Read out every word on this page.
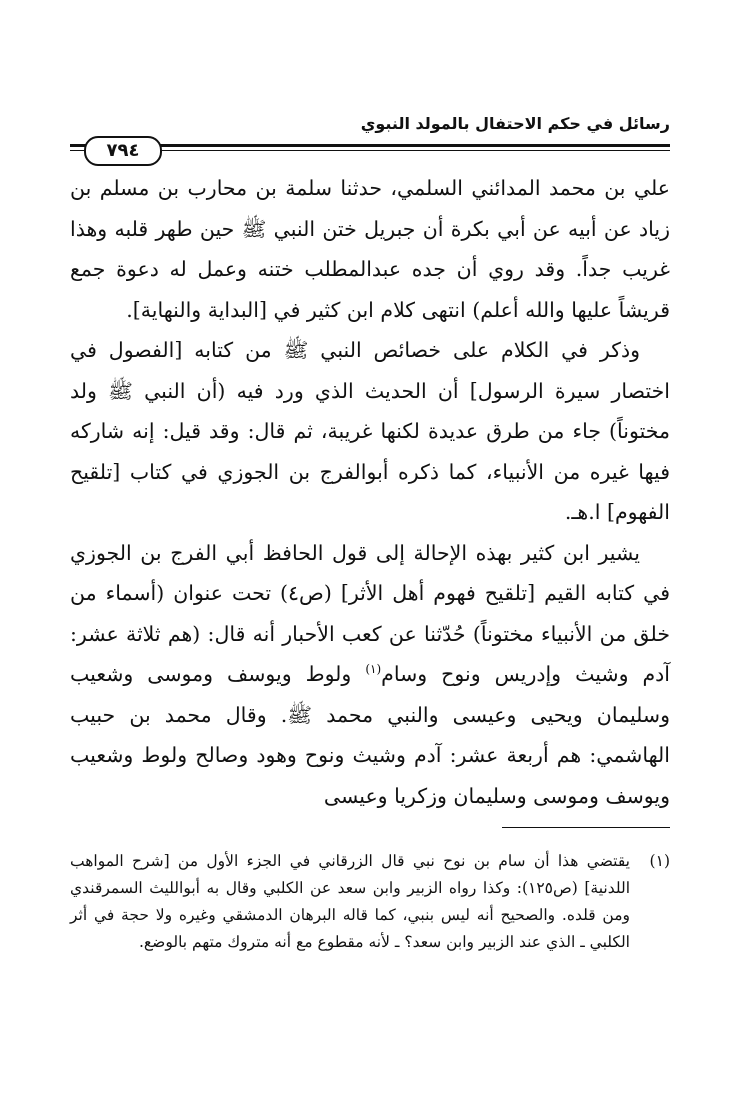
رسائل في حكم الاحتفال بالمولد النبوي
٧٩٤

علي بن محمد المدائني السلمي، حدثنا سلمة بن محارب بن مسلم بن زياد عن أبيه عن أبي بكرة أن جبريل ختن النبي ﷺ حين طهر قلبه وهذا غريب جداً. وقد روي أن جده عبدالمطلب ختنه وعمل له دعوة جمع قريشاً عليها والله أعلم) انتهى كلام ابن كثير في [البداية والنهاية].

وذكر في الكلام على خصائص النبي ﷺ من كتابه [الفصول في اختصار سيرة الرسول] أن الحديث الذي ورد فيه (أن النبي ﷺ ولد مختوناً) جاء من طرق عديدة لكنها غريبة، ثم قال: وقد قيل: إنه شاركه فيها غيره من الأنبياء، كما ذكره أبوالفرج بن الجوزي في كتاب [تلقيح الفهوم] ا.هـ.

يشير ابن كثير بهذه الإحالة إلى قول الحافظ أبي الفرج بن الجوزي في كتابه القيم [تلقيح فهوم أهل الأثر] (ص٤) تحت عنوان (أسماء من خلق من الأنبياء مختوناً) حُدّثنا عن كعب الأحبار أنه قال: (هم ثلاثة عشر: آدم وشيث وإدريس ونوح وسام$^{(١)}$ ولوط ويوسف وموسى وشعيب وسليمان ويحيى وعيسى والنبي محمد ﷺ. وقال محمد بن حبيب الهاشمي: هم أربعة عشر: آدم وشيث ونوح وهود وصالح ولوط وشعيب ويوسف وموسى وسليمان وزكريا وعيسى

(١)
يقتضي هذا أن سام بن نوح نبي قال الزرقاني في الجزء الأول من [شرح المواهب اللدنية] (ص١٢٥): وكذا رواه الزبير وابن سعد عن الكلبي وقال به أبوالليث السمرقندي ومن قلده. والصحيح أنه ليس بنبي، كما قاله البرهان الدمشقي وغيره ولا حجة في أثر الكلبي ـ الذي عند الزبير وابن سعد؟ ـ لأنه مقطوع مع أنه متروك متهم بالوضع.
